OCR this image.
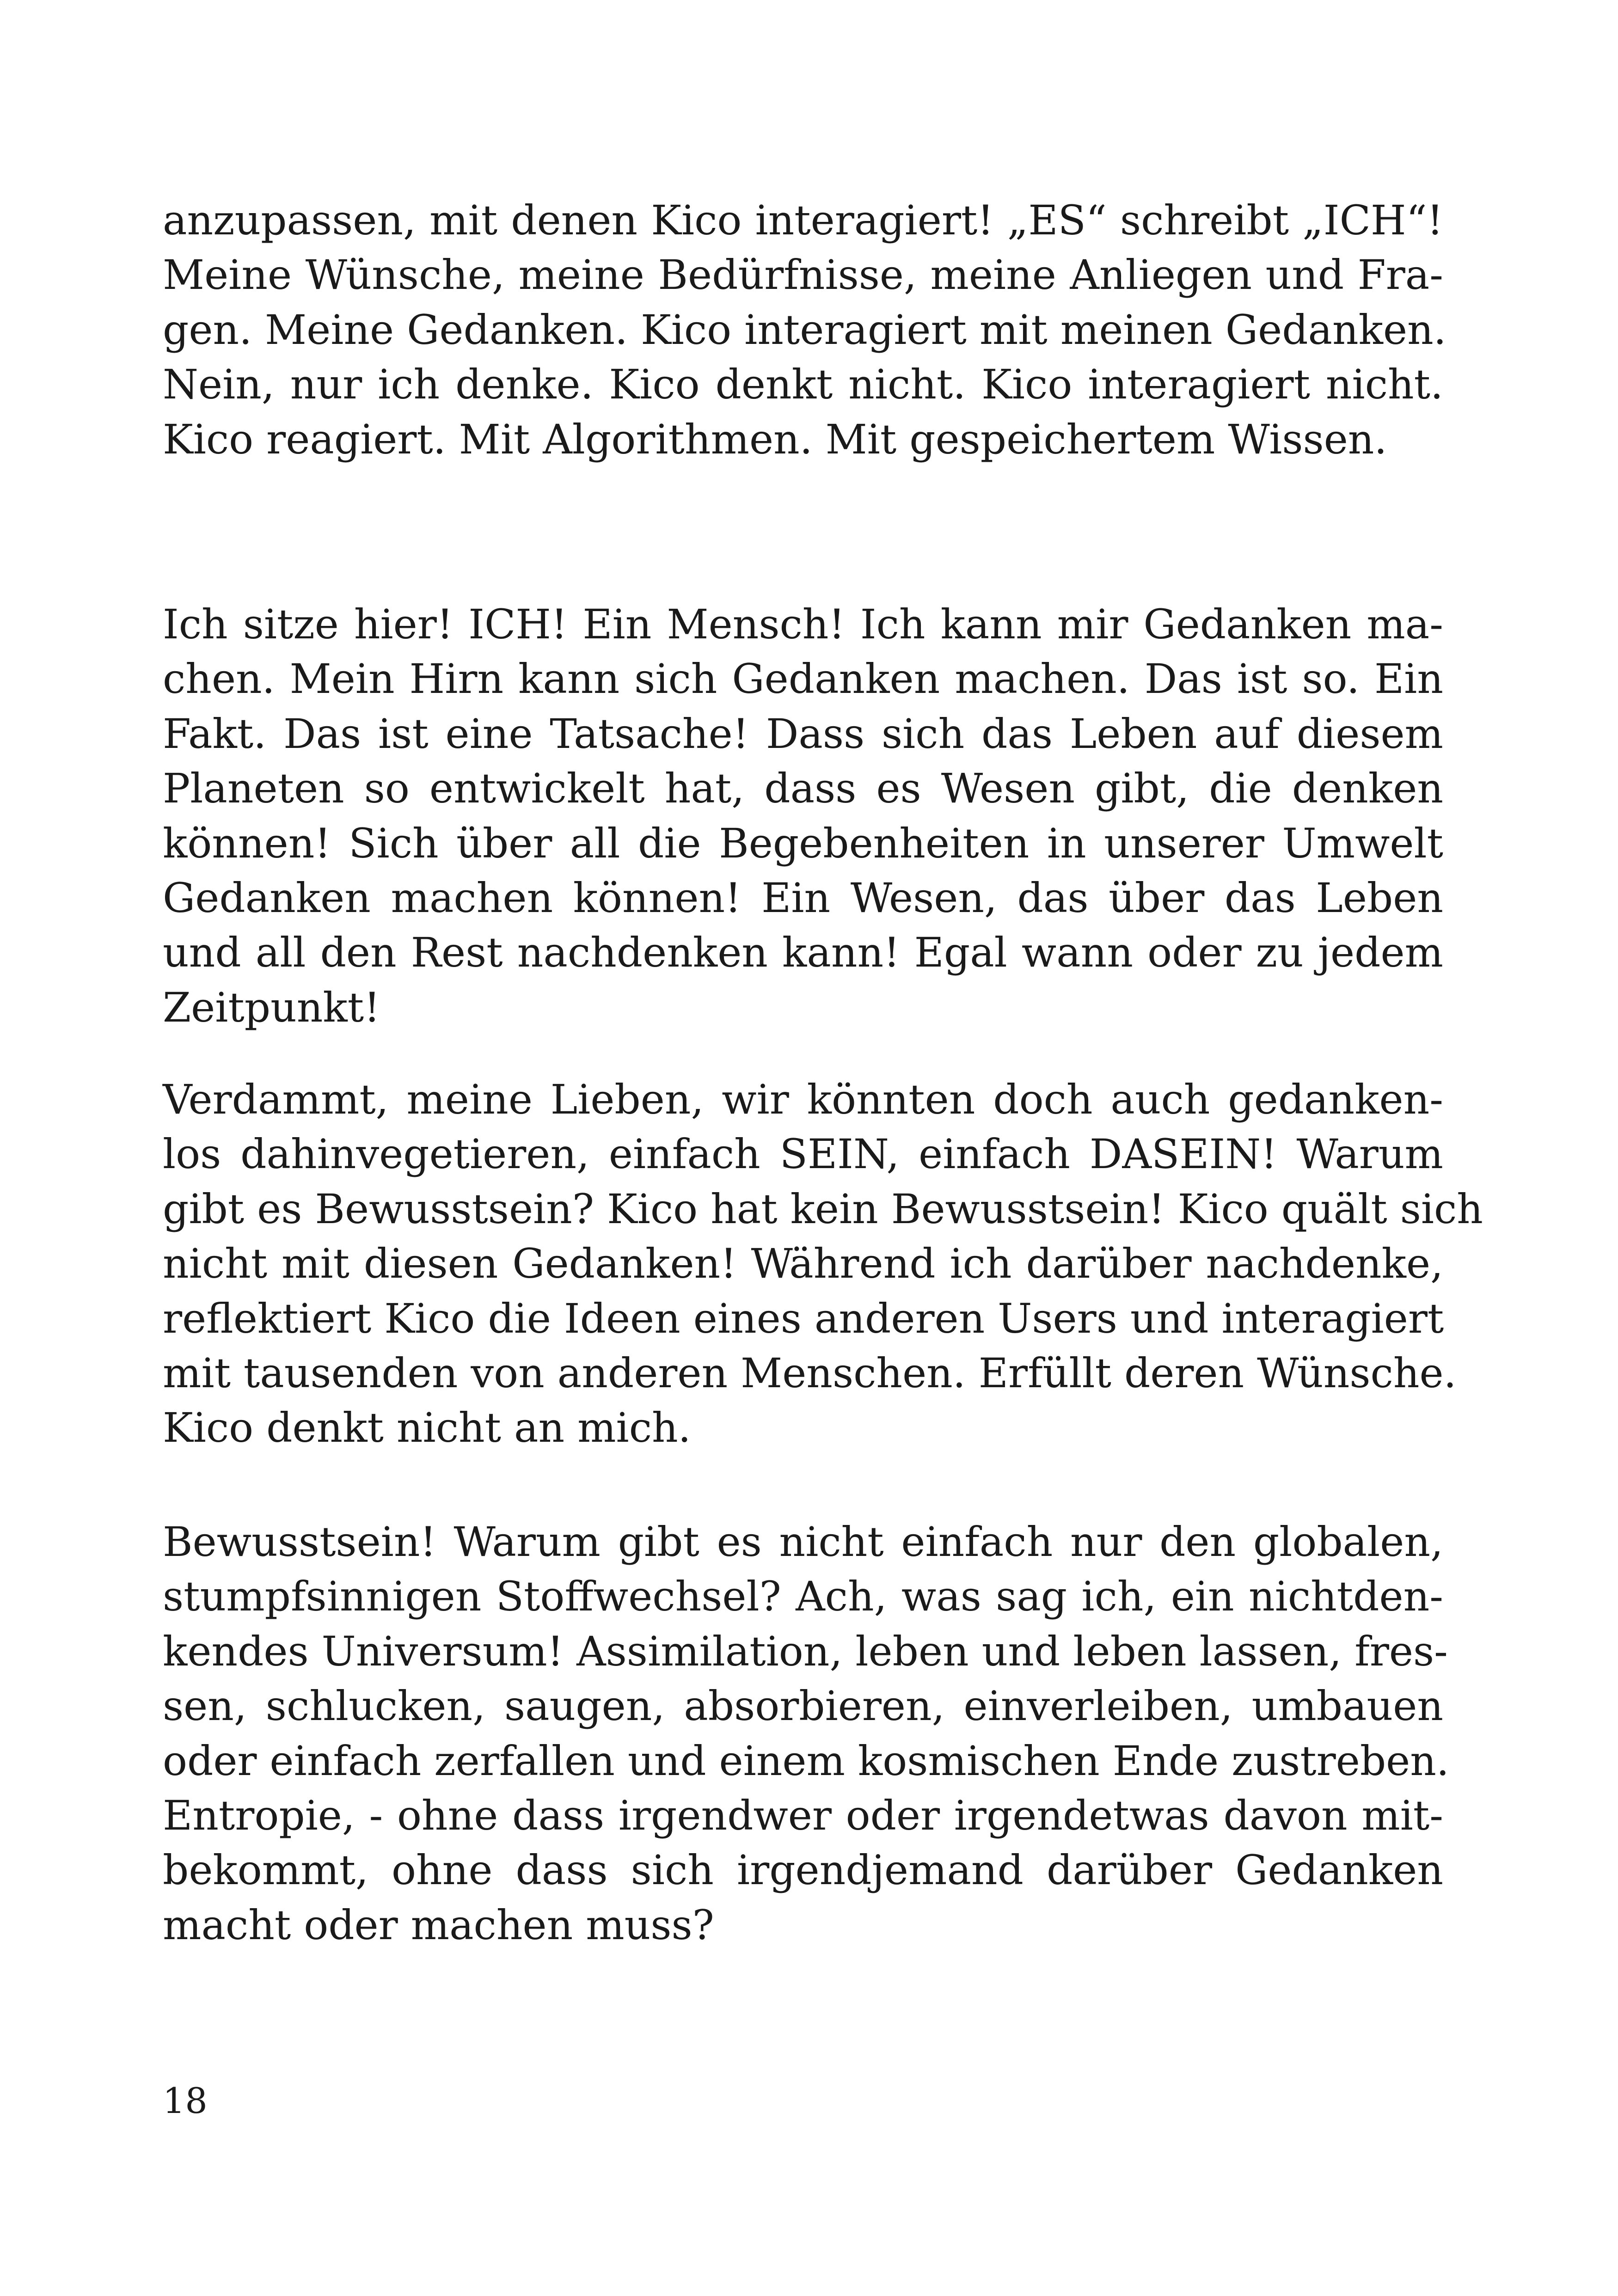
anzupassen, mit denen Kico interagiert! „ES“ schreibt „ICH“!
Meine Wünsche, meine Bedürfnisse, meine Anliegen und Fra-
gen. Meine Gedanken. Kico interagiert mit meinen Gedanken.
Nein, nur ich denke. Kico denkt nicht. Kico interagiert nicht.
Kico reagiert. Mit Algorithmen. Mit gespeichertem Wissen.
Ich sitze hier! ICH! Ein Mensch! Ich kann mir Gedanken ma-
chen. Mein Hirn kann sich Gedanken machen. Das ist so. Ein
Fakt. Das ist eine Tatsache! Dass sich das Leben auf diesem
Planeten so entwickelt hat, dass es Wesen gibt, die denken
können! Sich über all die Begebenheiten in unserer Umwelt
Gedanken machen können! Ein Wesen, das über das Leben
und all den Rest nachdenken kann! Egal wann oder zu jedem
Zeitpunkt!
Verdammt, meine Lieben, wir könnten doch auch gedanken-
los dahinvegetieren, einfach SEIN, einfach DASEIN! Warum
gibt es Bewusstsein? Kico hat kein Bewusstsein! Kico quält sich
nicht mit diesen Gedanken! Während ich darüber nachdenke,
reflektiert Kico die Ideen eines anderen Users und interagiert
mit tausenden von anderen Menschen. Erfüllt deren Wünsche.
Kico denkt nicht an mich.
Bewusstsein! Warum gibt es nicht einfach nur den globalen,
stumpfsinnigen Stoffwechsel? Ach, was sag ich, ein nichtden-
kendes Universum! Assimilation, leben und leben lassen, fres-
sen, schlucken, saugen, absorbieren, einverleiben, umbauen
oder einfach zerfallen und einem kosmischen Ende zustreben.
Entropie, - ohne dass irgendwer oder irgendetwas davon mit-
bekommt, ohne dass sich irgendjemand darüber Gedanken
macht oder machen muss?
18
